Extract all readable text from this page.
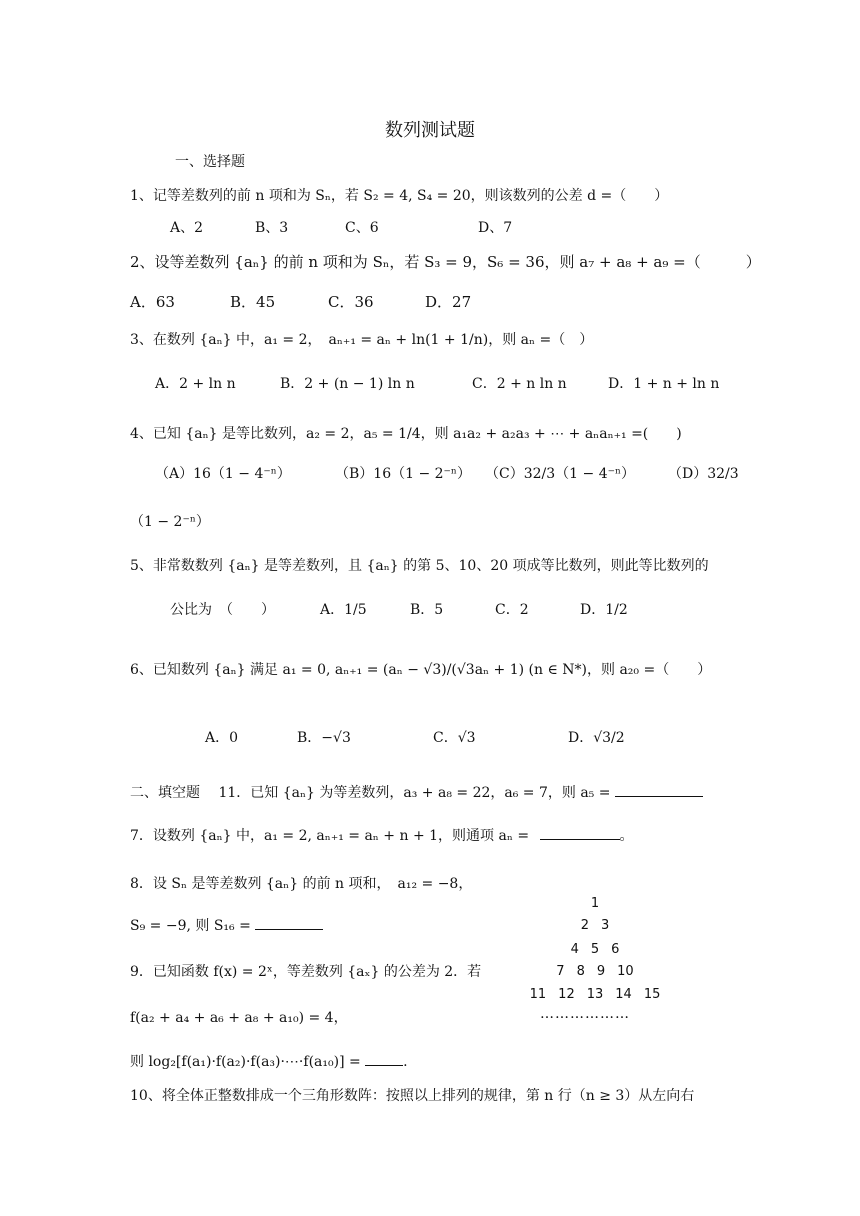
数列测试题
一、选择题
1、记等差数列的前 n 项和为 Sₙ，若 S₂ = 4, S₄ = 20，则该数列的公差 d =（　　）
A、2	B、3	C、6	D、7
2、设等差数列 {aₙ} 的前 n 项和为 Sₙ，若 S₃ = 9，S₆ = 36，则 a₇ + a₈ + a₉ =（　　　）
A．63	B．45	C．36	D．27
3、在数列 {aₙ} 中，a₁ = 2，　aₙ₊₁ = aₙ + ln(1 + 1/n)，则 aₙ =（　）
A．2 + ln n	B．2 + (n − 1) ln n	C．2 + n ln n	D．1 + n + ln n
4、已知 {aₙ} 是等比数列，a₂ = 2，a₅ = 1/4，则 a₁a₂ + a₂a₃ + ⋯ + aₙaₙ₊₁ =(　　)
（A）16（1 − 4⁻ⁿ）	（B）16（1 − 2⁻ⁿ） （C）32/3（1 − 4⁻ⁿ） （D）32/3
（1 − 2⁻ⁿ）
5、非常数数列 {aₙ} 是等差数列，且 {aₙ} 的第 5、10、20 项成等比数列，则此等比数列的
公比为　（　　）	A．1/5	B．5	C．2	D．1/2
6、已知数列 {aₙ} 满足 a₁ = 0, aₙ₊₁ = (aₙ − √3)/(√3aₙ + 1) (n ∈ N*)，则 a₂₀ =（　　）
A．0	B．−√3	C．√3	D．√3/2
二、填空题 11．已知 {aₙ} 为等差数列，a₃ + a₈ = 22，a₆ = 7，则 a₅ =
7．设数列 {aₙ} 中，a₁ = 2, aₙ₊₁ = aₙ + n + 1，则通项 aₙ =	。
8．设 Sₙ 是等差数列 {aₙ} 的前 n 项和，　a₁₂ = −8，
S₉ = −9, 则 S₁₆ =
9．已知函数 f(x) = 2ˣ，等差数列 {aₓ} 的公差为 2．若
f(a₂ + a₄ + a₆ + a₈ + a₁₀) = 4，
则 log₂[f(a₁)·f(a₂)·f(a₃)·⋯·f(a₁₀)] =	.
10、将全体正整数排成一个三角形数阵：按照以上排列的规律，第 n 行（n ≥ 3）从左向右
1
2 3
4 5 6
7 8 9 10
11 12 13 14 15
………………
